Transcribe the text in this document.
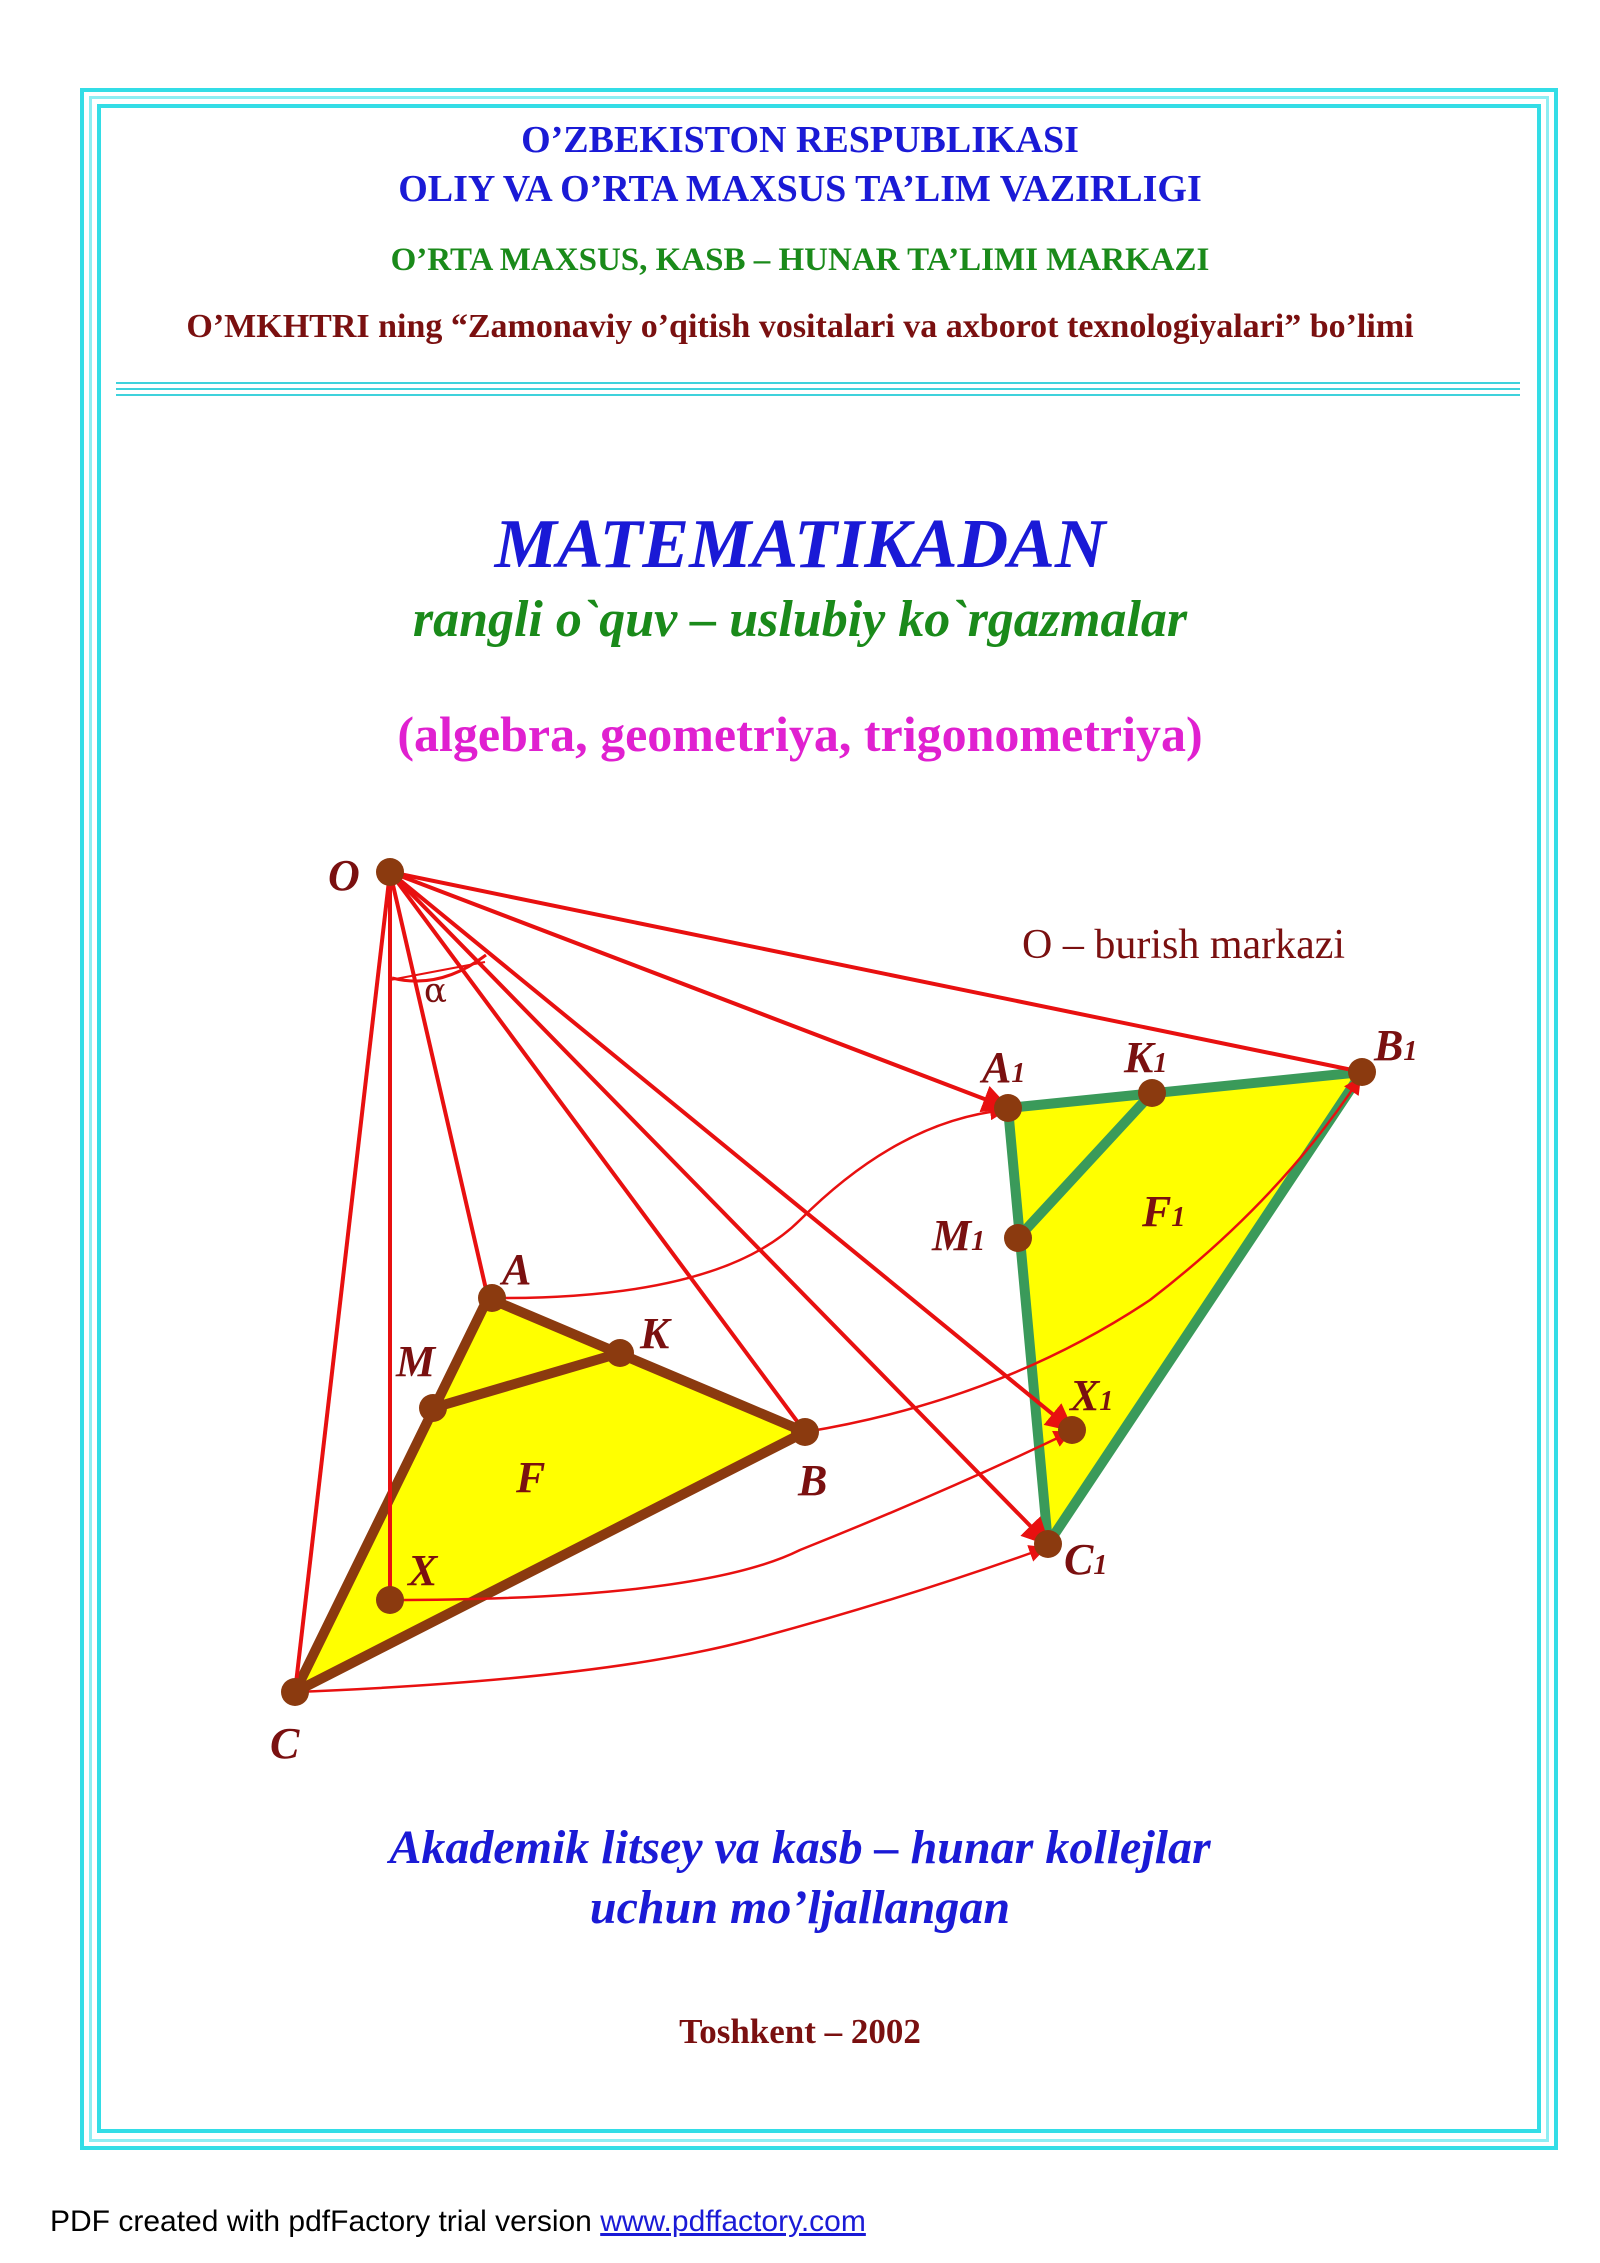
O’ZBEKISTON RESPUBLIKASI
OLIY VA O’RTA MAXSUS TA’LIM VAZIRLIGI
O’RTA MAXSUS, KASB – HUNAR TA’LIMI MARKAZI
O’MKHTRI ning “Zamonaviy o’qitish vositalari va axborot texnologiyalari” bo’limi
MATEMATIKADAN
rangli o`quv – uslubiy ko`rgazmalar
(algebra, geometriya, trigonometriya)
O
A
K
M
B
X
C
F
A1 K1	B1
M1
F1
X1
C1
α
O – burish markazi
Akademik litsey va kasb – hunar kollejlar
uchun mo’ljallangan
Toshkent – 2002
PDF created with pdfFactory trial version www.pdffactory.com
